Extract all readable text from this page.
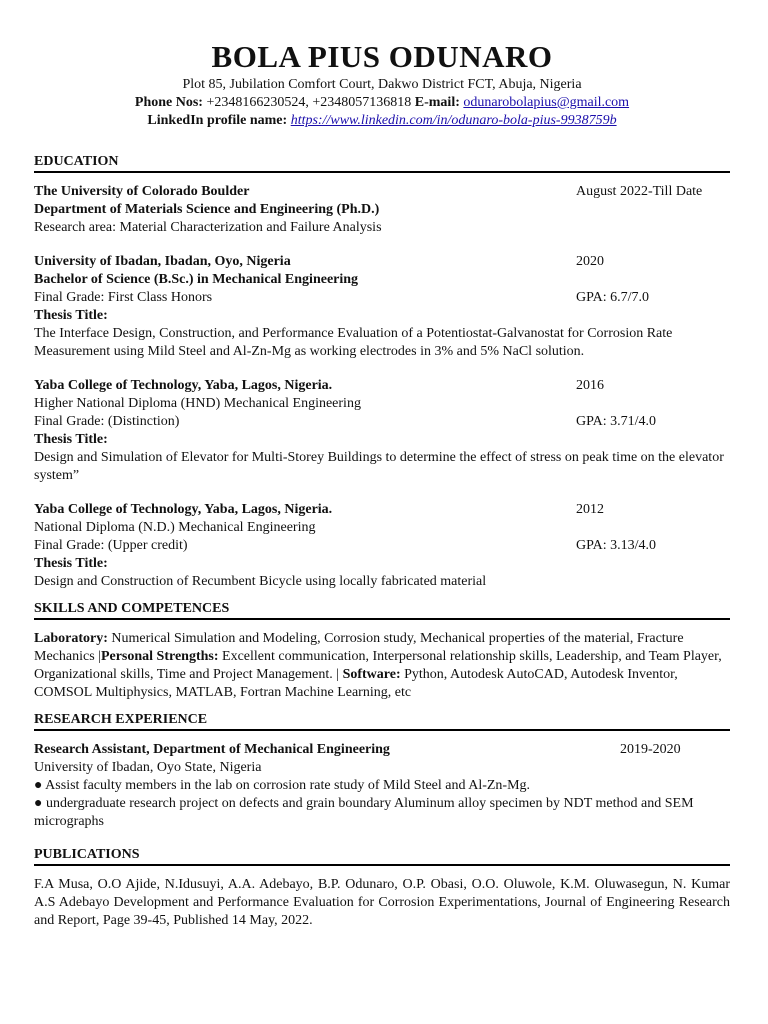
BOLA PIUS ODUNARO
Plot 85, Jubilation Comfort Court, Dakwo District FCT, Abuja, Nigeria
Phone Nos: +2348166230524, +2348057136818 E-mail: odunarobolapius@gmail.com
LinkedIn profile name: https://www.linkedin.com/in/odunaro-bola-pius-9938759b
EDUCATION
The University of Colorado Boulder	August 2022-Till Date
Department of Materials Science and Engineering (Ph.D.)
Research area: Material Characterization and Failure Analysis
University of Ibadan, Ibadan, Oyo, Nigeria	2020
Bachelor of Science (B.Sc.) in Mechanical Engineering
Final Grade: First Class Honors	GPA: 6.7/7.0
Thesis Title:
The Interface Design, Construction, and Performance Evaluation of a Potentiostat-Galvanostat for Corrosion Rate Measurement using Mild Steel and Al-Zn-Mg as working electrodes in 3% and 5% NaCl solution.
Yaba College of Technology, Yaba, Lagos, Nigeria.	2016
Higher National Diploma (HND) Mechanical Engineering
Final Grade: (Distinction)	GPA: 3.71/4.0
Thesis Title:
Design and Simulation of Elevator for Multi-Storey Buildings to determine the effect of stress on peak time on the elevator system”
Yaba College of Technology, Yaba, Lagos, Nigeria.	2012
National Diploma (N.D.) Mechanical Engineering
Final Grade: (Upper credit)	GPA: 3.13/4.0
Thesis Title:
Design and Construction of Recumbent Bicycle using locally fabricated material
SKILLS AND COMPETENCES
Laboratory: Numerical Simulation and Modeling, Corrosion study, Mechanical properties of the material, Fracture Mechanics |Personal Strengths: Excellent communication, Interpersonal relationship skills, Leadership, and Team Player,
Organizational skills, Time and Project Management. | Software: Python, Autodesk AutoCAD, Autodesk Inventor, COMSOL Multiphysics, MATLAB, Fortran Machine Learning, etc
RESEARCH EXPERIENCE
Research Assistant, Department of Mechanical Engineering	2019-2020
University of Ibadan, Oyo State, Nigeria
● Assist faculty members in the lab on corrosion rate study of Mild Steel and Al-Zn-Mg.
● undergraduate research project on defects and grain boundary Aluminum alloy specimen by NDT method and SEM micrographs
PUBLICATIONS
F.A Musa, O.O Ajide, N.Idusuyi, A.A. Adebayo, B.P. Odunaro, O.P. Obasi, O.O. Oluwole, K.M. Oluwasegun, N. Kumar A.S Adebayo Development and Performance Evaluation for Corrosion Experimentations, Journal of Engineering Research and Report, Page 39-45, Published 14 May, 2022.
